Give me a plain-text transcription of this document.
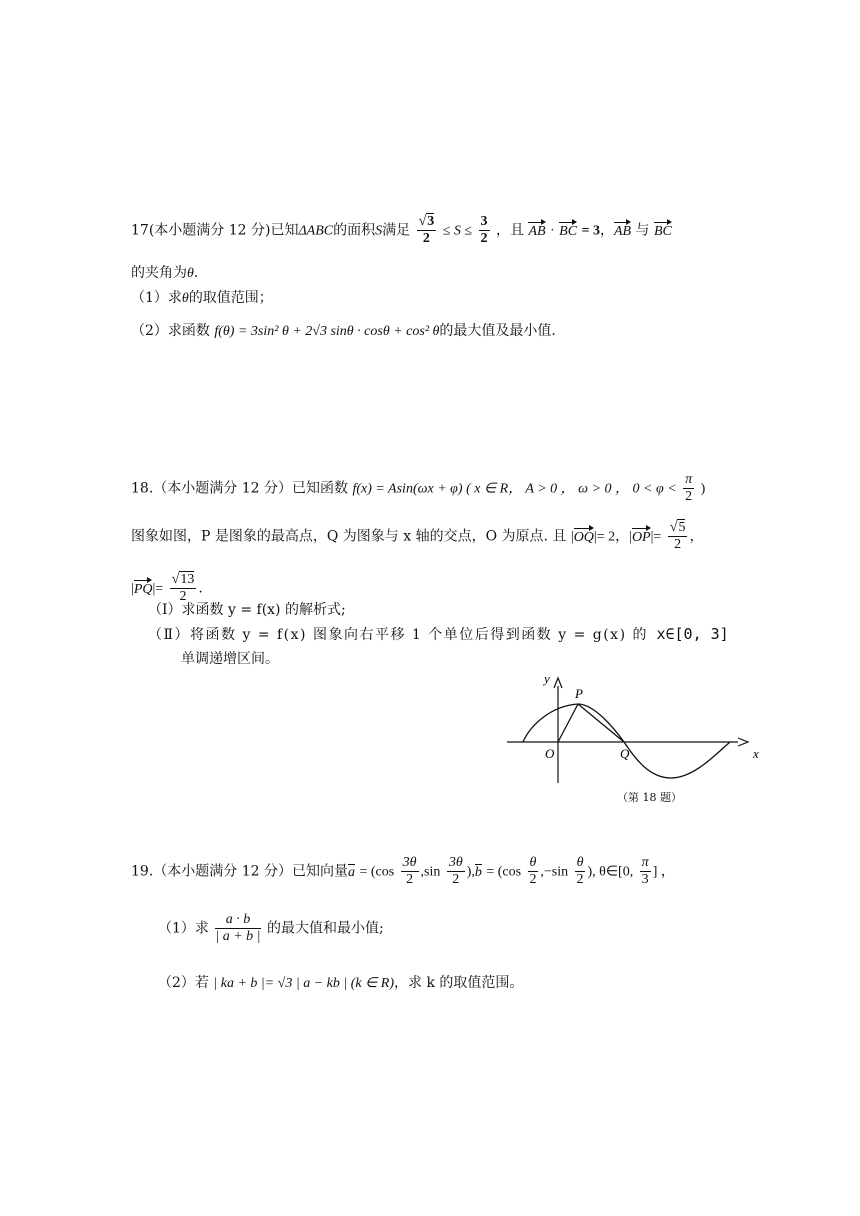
17(本小题满分 12 分)已知ΔABC的面积S满足 $\frac{√3}{2} \le S \le \frac{3}{2}$ ，且 AB · BC = 3，AB 与 BC
的夹角为θ.
（1）求θ的取值范围；
（2）求函数 f(θ) = 3sin² θ + 2√3 sinθ · cosθ + cos² θ的最大值及最小值.
18.（本小题满分 12 分）已知函数 f(x) = Asin(ωx + φ) ( x ∈ R， A > 0 ， ω > 0 ， $0 < \varphi < \frac{\pi}{2}$ )
图象如图，P 是图象的最高点，Q 为图象与 x 轴的交点，O 为原点. 且 |OQ|= 2，$|OP|= \frac{√5}{2}$ ，
$|PQ|= \frac{√13}{2}$ .
（Ⅰ）求函数 y = f(x) 的解析式;
（Ⅱ）将函数 y = f(x) 图象向右平移 1 个单位后得到函数 y = g(x) 的 x∈[0, 3]
单调递增区间。
y
P
O	Q	x
（第 18 题）
19.（本小题满分 12 分）已知向量$a = (\cos \frac{3\theta}{2} ,\sin \frac{3\theta}{2} ),b = (\cos \frac{\theta}{2} ,-\sin \frac{\theta}{2}$ ), θ∈[0, $\frac{\pi}{3}$ ] ，
（1）求 $\frac{a \cdot b}{| a + b |}$ 的最大值和最小值;
（2）若 | ka + b |= √3 | a − kb | (k ∈ R)，求 k 的取值范围。
